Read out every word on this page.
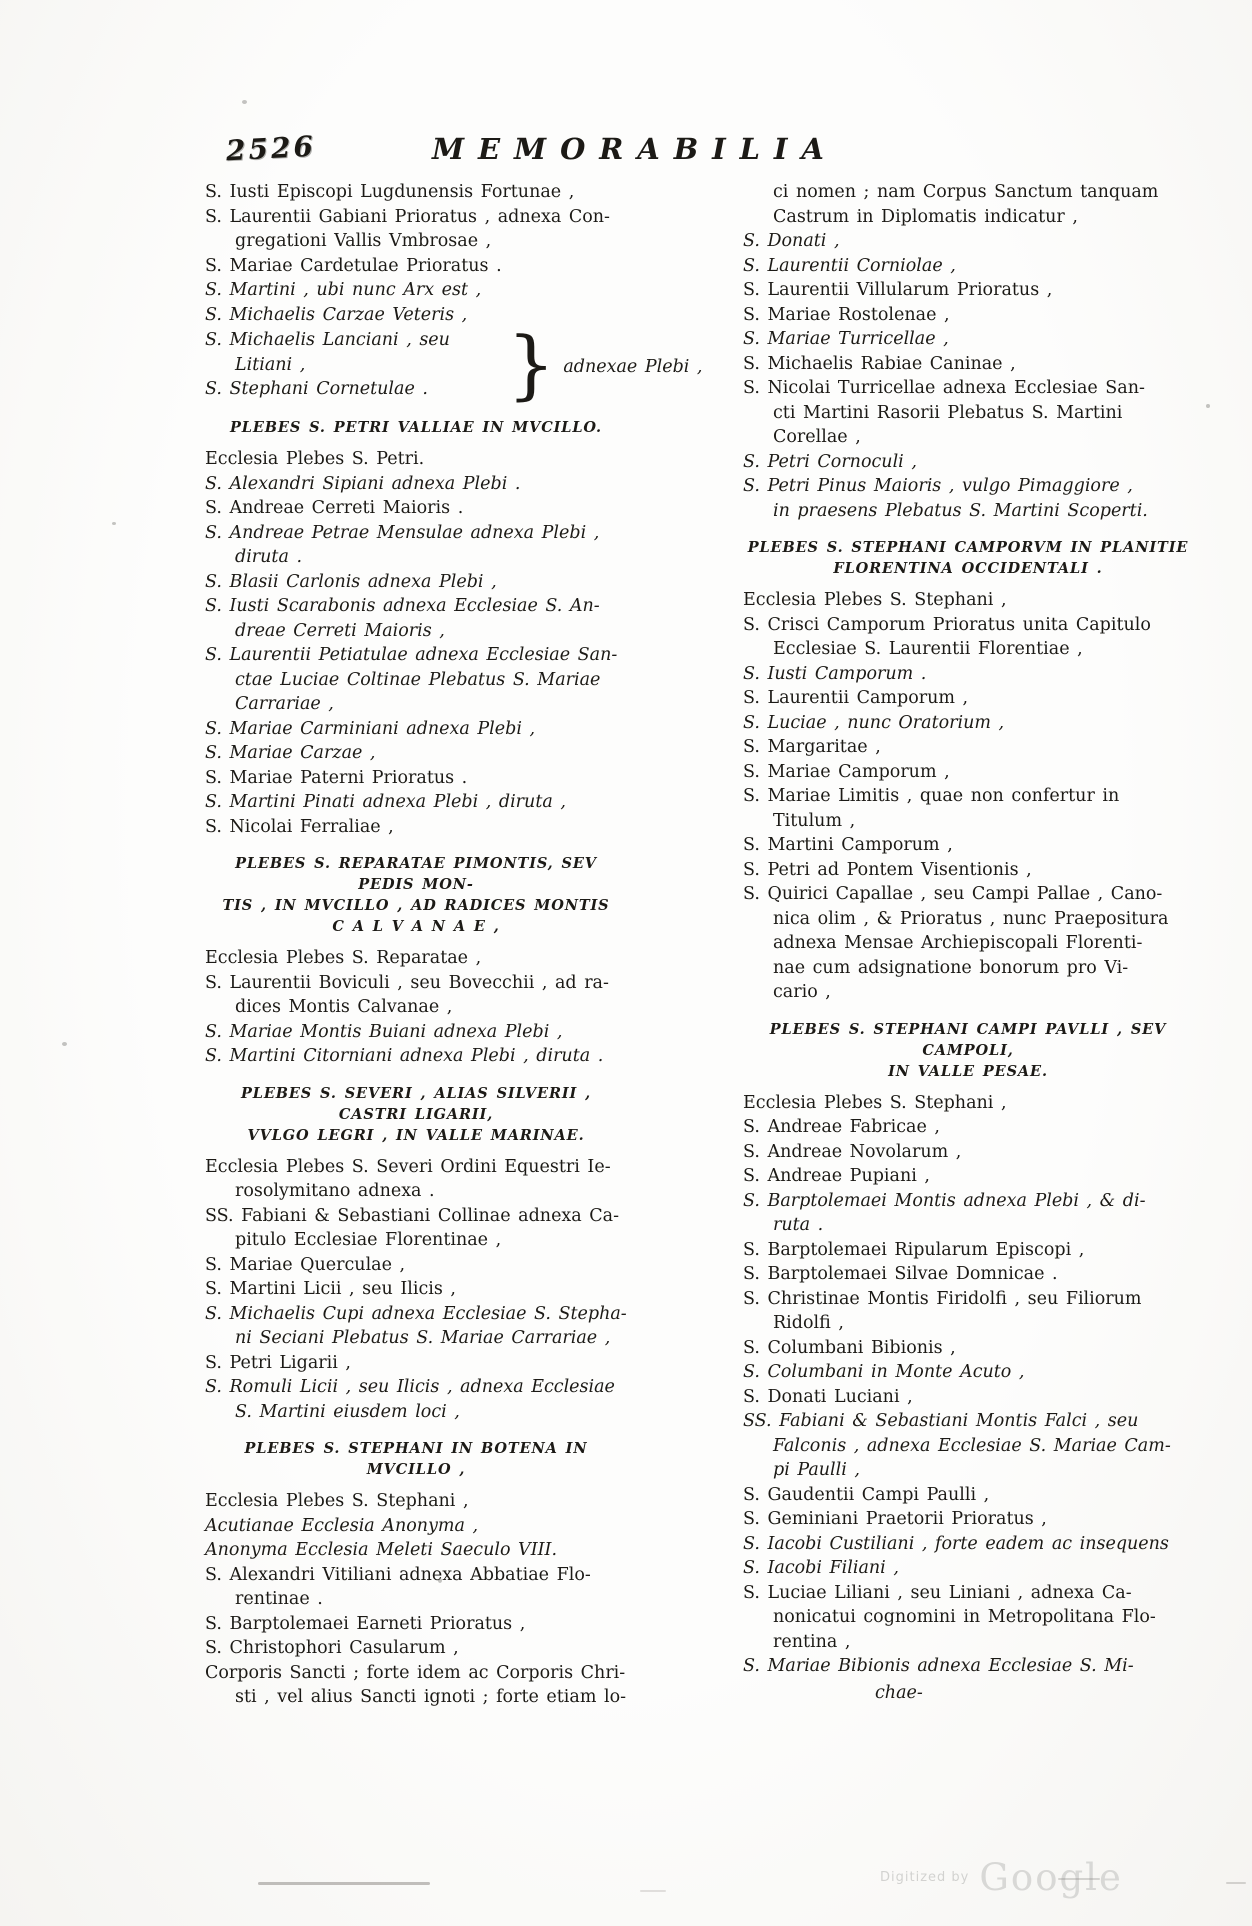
2526	MEMORABILIA
S. Iusti Episcopi Lugdunensis Fortunae ,
S. Laurentii Gabiani Prioratus , adnexa Con-
gregationi Vallis Vmbrosae ,
S. Mariae Cardetulae Prioratus .
S. Martini , ubi nunc Arx est ,
S. Michaelis Carzae Veteris ,
S. Michaelis Lanciani , seu
Litiani ,
S. Stephani Cornetulae .	} adnexae Plebi ,
PLEBES S. PETRI VALLIAE IN MVCILLO.
Ecclesia Plebes S. Petri.
S. Alexandri Sipiani adnexa Plebi .
S. Andreae Cerreti Maioris .
S. Andreae Petrae Mensulae adnexa Plebi ,
diruta .
S. Blasii Carlonis adnexa Plebi ,
S. Iusti Scarabonis adnexa Ecclesiae S. An-
dreae Cerreti Maioris ,
S. Laurentii Petiatulae adnexa Ecclesiae San-
ctae Luciae Coltinae Plebatus S. Mariae
Carrariae ,
S. Mariae Carminiani adnexa Plebi ,
S. Mariae Carzae ,
S. Mariae Paterni Prioratus .
S. Martini Pinati adnexa Plebi , diruta ,
S. Nicolai Ferraliae ,
PLEBES S. REPARATAE PIMONTIS, SEV PEDIS MON-
TIS , IN MVCILLO , AD RADICES MONTIS
C A L V A N A E ,
Ecclesia Plebes S. Reparatae ,
S. Laurentii Boviculi , seu Bovecchii , ad ra-
dices Montis Calvanae ,
S. Mariae Montis Buiani adnexa Plebi ,
S. Martini Citorniani adnexa Plebi , diruta .
PLEBES S. SEVERI , ALIAS SILVERII , CASTRI LIGARII,
VVLGO LEGRI , IN VALLE MARINAE.
Ecclesia Plebes S. Severi Ordini Equestri Ie-
rosolymitano adnexa .
SS. Fabiani & Sebastiani Collinae adnexa Ca-
pitulo Ecclesiae Florentinae ,
S. Mariae Querculae ,
S. Martini Licii , seu Ilicis ,
S. Michaelis Cupi adnexa Ecclesiae S. Stepha-
ni Seciani Plebatus S. Mariae Carrariae ,
S. Petri Ligarii ,
S. Romuli Licii , seu Ilicis , adnexa Ecclesiae
S. Martini eiusdem loci ,
PLEBES S. STEPHANI IN BOTENA IN MVCILLO ,
Ecclesia Plebes S. Stephani ,
Acutianae Ecclesia Anonyma ,
Anonyma Ecclesia Meleti Saeculo VIII.
S. Alexandri Vitiliani adnexa Abbatiae Flo-
rentinae .
S. Barptolemaei Earneti Prioratus ,
S. Christophori Casularum ,
Corporis Sancti ; forte idem ac Corporis Chri-
sti , vel alius Sancti ignoti ; forte etiam lo-
ci nomen ; nam Corpus Sanctum tanquam
Castrum in Diplomatis indicatur ,
S. Donati ,
S. Laurentii Corniolae ,
S. Laurentii Villularum Prioratus ,
S. Mariae Rostolenae ,
S. Mariae Turricellae ,
S. Michaelis Rabiae Caninae ,
S. Nicolai Turricellae adnexa Ecclesiae San-
cti Martini Rasorii Plebatus S. Martini
Corellae ,
S. Petri Cornoculi ,
S. Petri Pinus Maioris , vulgo Pimaggiore ,
in praesens Plebatus S. Martini Scoperti.
PLEBES S. STEPHANI CAMPORVM IN PLANITIE
FLORENTINA OCCIDENTALI .
Ecclesia Plebes S. Stephani ,
S. Crisci Camporum Prioratus unita Capitulo
Ecclesiae S. Laurentii Florentiae ,
S. Iusti Camporum .
S. Laurentii Camporum ,
S. Luciae , nunc Oratorium ,
S. Margaritae ,
S. Mariae Camporum ,
S. Mariae Limitis , quae non confertur in
Titulum ,
S. Martini Camporum ,
S. Petri ad Pontem Visentionis ,
S. Quirici Capallae , seu Campi Pallae , Cano-
nica olim , & Prioratus , nunc Praepositura
adnexa Mensae Archiepiscopali Florenti-
nae cum adsignatione bonorum pro Vi-
cario ,
PLEBES S. STEPHANI CAMPI PAVLLI , SEV CAMPOLI,
IN VALLE PESAE.
Ecclesia Plebes S. Stephani ,
S. Andreae Fabricae ,
S. Andreae Novolarum ,
S. Andreae Pupiani ,
S. Barptolemaei Montis adnexa Plebi , & di-
ruta .
S. Barptolemaei Ripularum Episcopi ,
S. Barptolemaei Silvae Domnicae .
S. Christinae Montis Firidolfi , seu Filiorum
Ridolfi ,
S. Columbani Bibionis ,
S. Columbani in Monte Acuto ,
S. Donati Luciani ,
SS. Fabiani & Sebastiani Montis Falci , seu
Falconis , adnexa Ecclesiae S. Mariae Cam-
pi Paulli ,
S. Gaudentii Campi Paulli ,
S. Geminiani Praetorii Prioratus ,
S. Iacobi Custiliani , forte eadem ac insequens
S. Iacobi Filiani ,
S. Luciae Liliani , seu Liniani , adnexa Ca-
nonicatui cognomini in Metropolitana Flo-
rentina ,
S. Mariae Bibionis adnexa Ecclesiae S. Mi-
chae-
Digitized by Google
